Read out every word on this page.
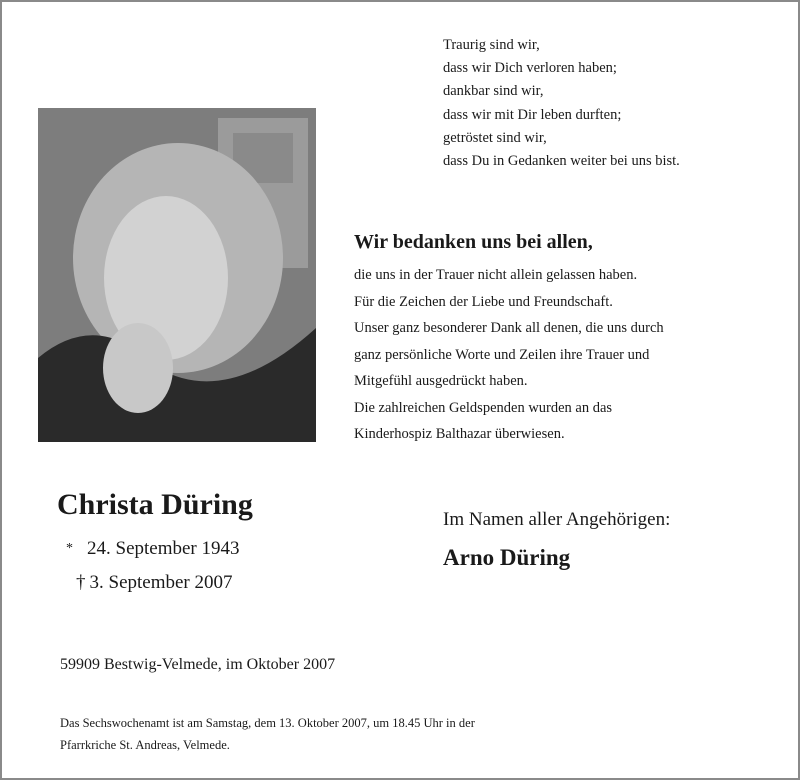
Traurig sind wir,
dass wir Dich verloren haben;
dankbar sind wir,
dass wir mit Dir leben durften;
getröstet sind wir,
dass Du in Gedanken weiter bei uns bist.
Wir bedanken uns bei allen,
die uns in der Trauer nicht allein gelassen haben.
Für die Zeichen der Liebe und Freundschaft.
Unser ganz besonderer Dank all denen, die uns durch
ganz persönliche Worte und Zeilen ihre Trauer und
Mitgefühl ausgedrückt haben.
Die zahlreichen Geldspenden wurden an das
Kinderhospiz Balthazar überwiesen.
Christa Düring
* 24. September 1943
† 3. September 2007
Im Namen aller Angehörigen:
Arno Düring
59909 Bestwig-Velmede, im Oktober 2007
Das Sechswochenamt ist am Samstag, dem 13. Oktober 2007, um 18.45 Uhr in der
Pfarrkriche St. Andreas, Velmede.
